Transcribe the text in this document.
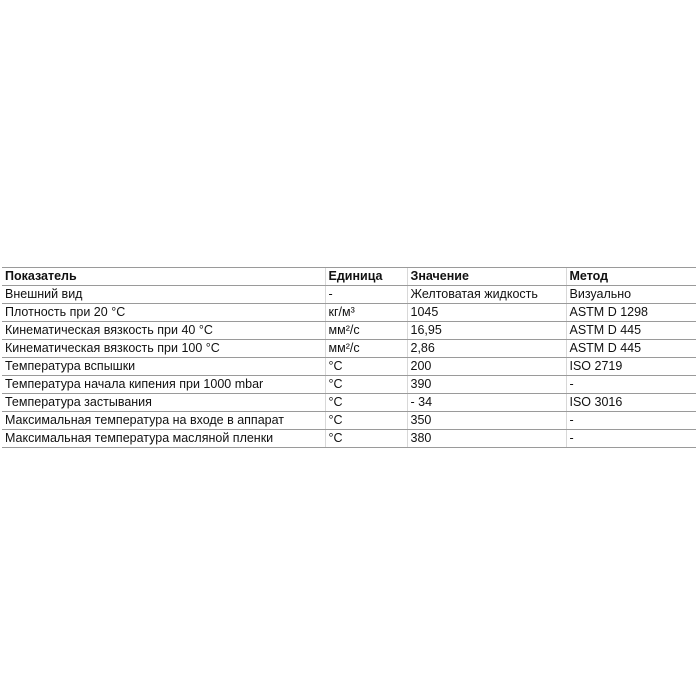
Показатель	Единица	Значение	Метод
Внешний вид	-	Желтоватая жидкость	Визуально
Плотность при 20 °C	кг/м³	1045	ASTM D 1298
Кинематическая вязкость при 40 °C	мм²/с	16,95	ASTM D 445
Кинематическая вязкость при 100 °C	мм²/с	2,86	ASTM D 445
Температура вспышки	°C	200	ISO 2719
Температура начала кипения при 1000 mbar	°C	390	-
Температура застывания	°C	- 34	ISO 3016
Максимальная температура на входе в аппарат	°C	350	-
Максимальная температура масляной пленки	°C	380	-
